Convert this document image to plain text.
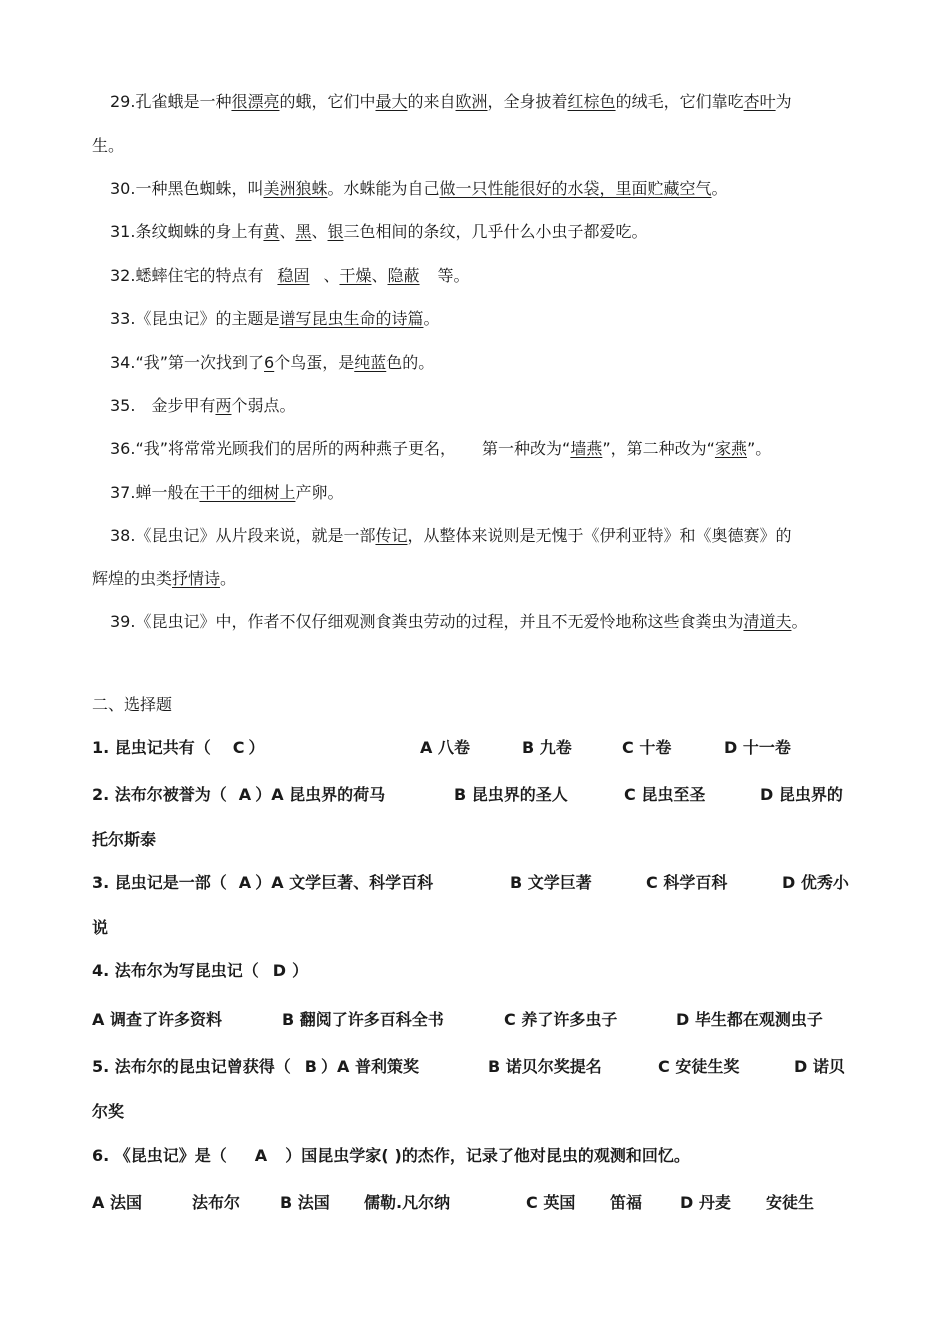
29.孔雀蛾是一种很漂亮的蛾，它们中最大的来自欧洲，全身披着红棕色的绒毛，它们靠吃杏叶为
生。
30.一种黑色蜘蛛，叫美洲狼蛛。水蛛能为自己做一只性能很好的水袋，里面贮藏空气。
31.条纹蜘蛛的身上有黄、黑、银三色相间的条纹，几乎什么小虫子都爱吃。
32.蟋蟀住宅的特点有 稳固 、干燥、隐蔽 等。
33.《昆虫记》的主题是谱写昆虫生命的诗篇。
34.“我”第一次找到了6个鸟蛋，是纯蓝色的。
35. 金步甲有两个弱点。
36.“我”将常常光顾我们的居所的两种燕子更名， 第一种改为“墙燕”，第二种改为“家燕”。
37.蝉一般在干干的细树上产卵。
38.《昆虫记》从片段来说，就是一部传记，从整体来说则是无愧于《伊利亚特》和《奥德赛》的
辉煌的虫类抒情诗。
39.《昆虫记》中，作者不仅仔细观测食粪虫劳动的过程，并且不无爱怜地称这些食粪虫为清道夫。
二、选择题
1. 昆虫记共有（ C ）	A 八卷	B 九卷	C 十卷	D 十一卷
2. 法布尔被誉为（ A ）A 昆虫界的荷马	B 昆虫界的圣人	C 昆虫至圣	D 昆虫界的
托尔斯泰
3. 昆虫记是一部（ A ）A 文学巨著、科学百科	B 文学巨著	C 科学百科	D 优秀小
说
4. 法布尔为写昆虫记（ D ）
A 调查了许多资料	B 翻阅了许多百科全书	C 养了许多虫子	D 毕生都在观测虫子
5. 法布尔的昆虫记曾获得（ B ）A 普利策奖	B 诺贝尔奖提名	C 安徒生奖	D 诺贝
尔奖
6. 《昆虫记》是（ A ）国昆虫学家( )的杰作，记录了他对昆虫的观测和回忆。
A 法国	法布尔 B 法国 儒勒.凡尔纳	C 英国 笛福 D 丹麦 安徒生
